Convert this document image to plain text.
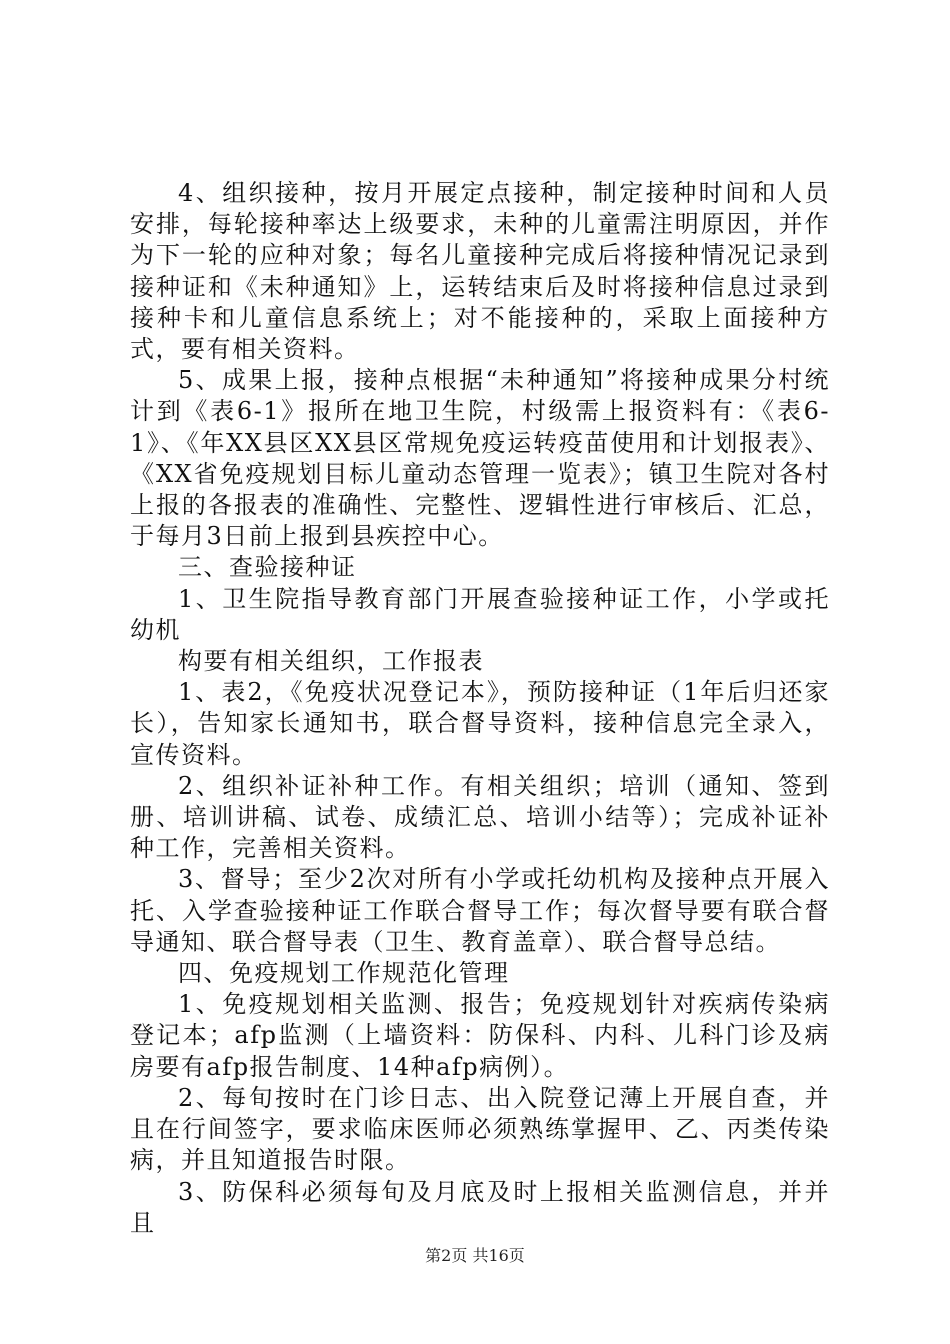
4、组织接种，按月开展定点接种，制定接种时间和人员安排，每轮接种率达上级要求，未种的儿童需注明原因，并作为下一轮的应种对象；每名儿童接种完成后将接种情况记录到接种证和《未种通知》上，运转结束后及时将接种信息过录到接种卡和儿童信息系统上；对不能接种的，采取上面接种方式，要有相关资料。

5、成果上报，接种点根据“未种通知”将接种成果分村统计到《表6-1》报所在地卫生院，村级需上报资料有：《表6-1》、《年XX县区XX县区常规免疫运转疫苗使用和计划报表》、《XX省免疫规划目标儿童动态管理一览表》；镇卫生院对各村上报的各报表的准确性、完整性、逻辑性进行审核后、汇总，于每月3日前上报到县疾控中心。

三、查验接种证

1、卫生院指导教育部门开展查验接种证工作，小学或托幼机

构要有相关组织，工作报表

1、表2，《免疫状况登记本》，预防接种证（1年后归还家长），告知家长通知书，联合督导资料，接种信息完全录入，宣传资料。

2、组织补证补种工作。有相关组织；培训（通知、签到册、培训讲稿、试卷、成绩汇总、培训小结等）；完成补证补种工作，完善相关资料。

3、督导；至少2次对所有小学或托幼机构及接种点开展入托、入学查验接种证工作联合督导工作；每次督导要有联合督导通知、联合督导表（卫生、教育盖章）、联合督导总结。

四、免疫规划工作规范化管理

1、免疫规划相关监测、报告；免疫规划针对疾病传染病登记本；afp监测（上墙资料：防保科、内科、儿科门诊及病房要有afp报告制度、14种afp病例）。

2、每旬按时在门诊日志、出入院登记薄上开展自查，并且在行间签字，要求临床医师必须熟练掌握甲、乙、丙类传染病，并且知道报告时限。

3、防保科必须每旬及月底及时上报相关监测信息，并并且

第2页 共16页
